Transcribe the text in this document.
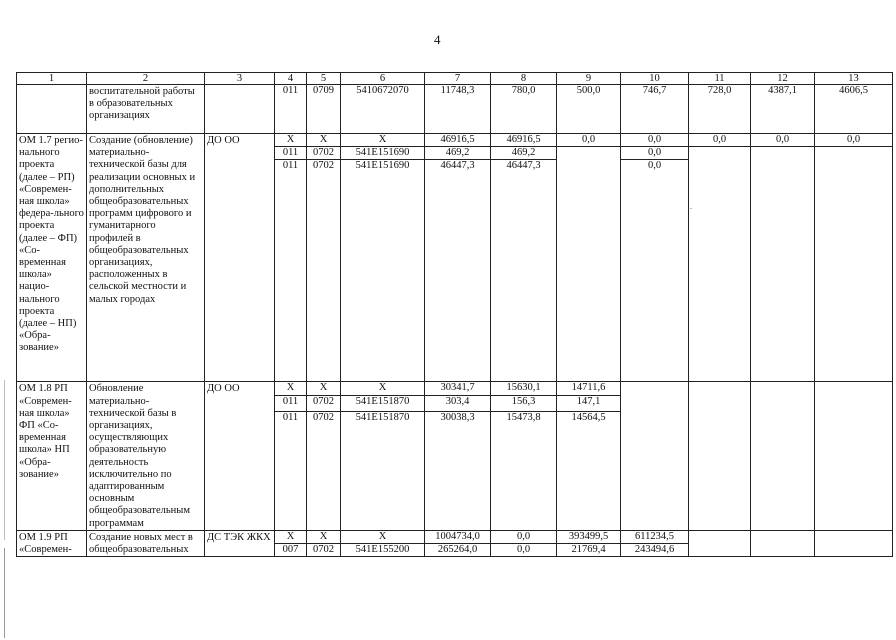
4
1	2	3	4	5	6	7	8	9	10	11	12	13
	воспитательной работы в образовательных организациях		011	0709	5410672070	11748,3	780,0	500,0	746,7	728,0	4387,1	4606,5
ОМ 1.7 регио-нального проекта (далее – РП) «Современ-ная школа» федера-льного проекта (далее – ФП) «Со-временная школа» нацио-нального проекта (далее – НП) «Обра-зование»	Создание (обновление) материально-технической базы для реализации основных и дополнительных общеобразовательных программ цифрового и гуманитарного профилей в общеобразовательных организациях, расположенных в сельской местности и малых городах	ДО ОО	Х	Х	Х	46916,5	46916,5	0,0	0,0	0,0	0,0	0,0
			011	0702	541E151690	469,2	469,2		0,0			
			011	0702	541E151690	46447,3	46447,3		0,0			
ОМ 1.8 РП «Современ-ная школа» ФП «Со-временная школа» НП «Обра-зование»	Обновление материально-технической базы в организациях, осуществляющих образовательную деятельность исключительно по адаптированным основным общеобразовательным программам	ДО ОО	Х	Х	Х	30341,7	15630,1	14711,6				
			011	0702	541E151870	303,4	156,3	147,1				
			011	0702	541E151870	30038,3	15473,8	14564,5				
ОМ 1.9 РП «Современ-	Создание новых мест в общеобразовательных	ДС ТЭК ЖКХ	Х	Х	Х	1004734,0	0,0	393499,5	611234,5			
			007	0702	541E155200	265264,0	0,0	21769,4	243494,6			
